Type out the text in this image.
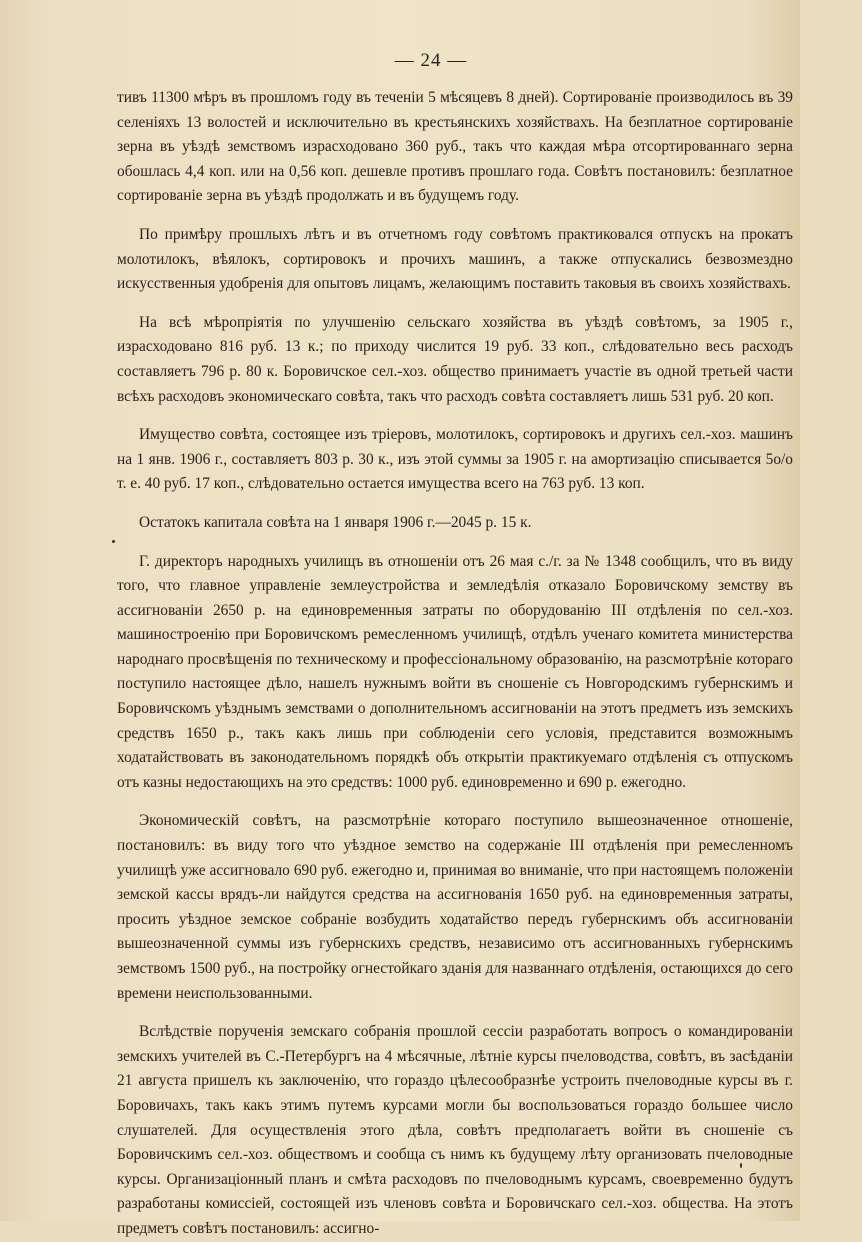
— 24 —

тивъ 11300 мѣръ въ прошломъ году въ теченіи 5 мѣсяцевъ 8 дней). Сортированіе производилось въ 39 селеніяхъ 13 волостей и исключительно въ крестьянскихъ хозяйствахъ. На безплатное сортированіе зерна въ уѣздѣ земствомъ израсходовано 360 руб., такъ что каждая мѣра отсортированнаго зерна обошлась 4,4 коп. или на 0,56 коп. дешевле противъ прошлаго года. Совѣтъ постановилъ: безплатное сортированіе зерна въ уѣздѣ продолжать и въ будущемъ году.

По примѣру прошлыхъ лѣтъ и въ отчетномъ году совѣтомъ практиковался отпускъ на прокатъ молотилокъ, вѣялокъ, сортировокъ и прочихъ машинъ, а также отпускались безвозмездно искусственныя удобренія для опытовъ лицамъ, желающимъ поставить таковыя въ своихъ хозяйствахъ.

На всѣ мѣропріятія по улучшенію сельскаго хозяйства въ уѣздѣ совѣтомъ, за 1905 г., израсходовано 816 руб. 13 к.; по приходу числится 19 руб. 33 коп., слѣдовательно весь расходъ составляетъ 796 р. 80 к. Боровичское сел.-хоз. общество принимаетъ участіе въ одной третьей части всѣхъ расходовъ экономическаго совѣта, такъ что расходъ совѣта составляетъ лишь 531 руб. 20 коп.

Имущество совѣта, состоящее изъ тріеровъ, молотилокъ, сортировокъ и другихъ сел.-хоз. машинъ на 1 янв. 1906 г., составляетъ 803 р. 30 к., изъ этой суммы за 1905 г. на амортизацію списывается 5о/о т. е. 40 руб. 17 коп., слѣдовательно остается имущества всего на 763 руб. 13 коп.

Остатокъ капитала совѣта на 1 января 1906 г.—2045 р. 15 к.

Г. директоръ народныхъ училищъ въ отношеніи отъ 26 мая с./г. за № 1348 сообщилъ, что въ виду того, что главное управленіе землеустройства и земледѣлія отказало Боровичскому земству въ ассигнованіи 2650 р. на единовременныя затраты по оборудованію III отдѣленія по сел.-хоз. машиностроенію при Боровичскомъ ремесленномъ училищѣ, отдѣлъ ученаго комитета министерства народнаго просвѣщенія по техническому и профессіональному образованію, на разсмотрѣніе котораго поступило настоящее дѣло, нашелъ нужнымъ войти въ сношеніе съ Новгородскимъ губернскимъ и Боровичскомъ уѣзднымъ земствами о дополнительномъ ассигнованіи на этотъ предметъ изъ земскихъ средствъ 1650 р., такъ какъ лишь при соблюденіи сего условія, представится возможнымъ ходатайствовать въ законодательномъ порядкѣ объ открытіи практикуемаго отдѣленія съ отпускомъ отъ казны недостающихъ на это средствъ: 1000 руб. единовременно и 690 р. ежегодно.

Экономическій совѣтъ, на разсмотрѣніе котораго поступило вышеозначенное отношеніе, постановилъ: въ виду того что уѣздное земство на содержаніе III отдѣленія при ремесленномъ училищѣ уже ассигновало 690 руб. ежегодно и, принимая во вниманіе, что при настоящемъ положеніи земской кассы врядъ-ли найдутся средства на ассигнованія 1650 руб. на единовременныя затраты, просить уѣздное земское собраніе возбудить ходатайство передъ губернскимъ объ ассигнованіи вышеозначенной суммы изъ губернскихъ средствъ, независимо отъ ассигнованныхъ губернскимъ земствомъ 1500 руб., на постройку огнестойкаго зданія для названнаго отдѣленія, остающихся до сего времени неиспользованными.

Вслѣдствіе порученія земскаго собранія прошлой сессіи разработать вопросъ о командированіи земскихъ учителей въ С.-Петербургъ на 4 мѣсячные, лѣтніе курсы пчеловодства, совѣтъ, въ засѣданіи 21 августа пришелъ къ заключенію, что гораздо цѣлесообразнѣе устроить пчеловодные курсы въ г. Боровичахъ, такъ какъ этимъ путемъ курсами могли бы воспользоваться гораздо большее число слушателей. Для осуществленія этого дѣла, совѣтъ предполагаетъ войти въ сношеніе съ Боровичскимъ сел.-хоз. обществомъ и сообща съ нимъ къ будущему лѣту организовать пчеловодные курсы. Организаціонный планъ и смѣта расходовъ по пчеловоднымъ курсамъ, своевременно будутъ разработаны комиссіей, состоящей изъ членовъ совѣта и Боровичскаго сел.-хоз. общества. На этотъ предметъ совѣтъ постановилъ: ассигно-
